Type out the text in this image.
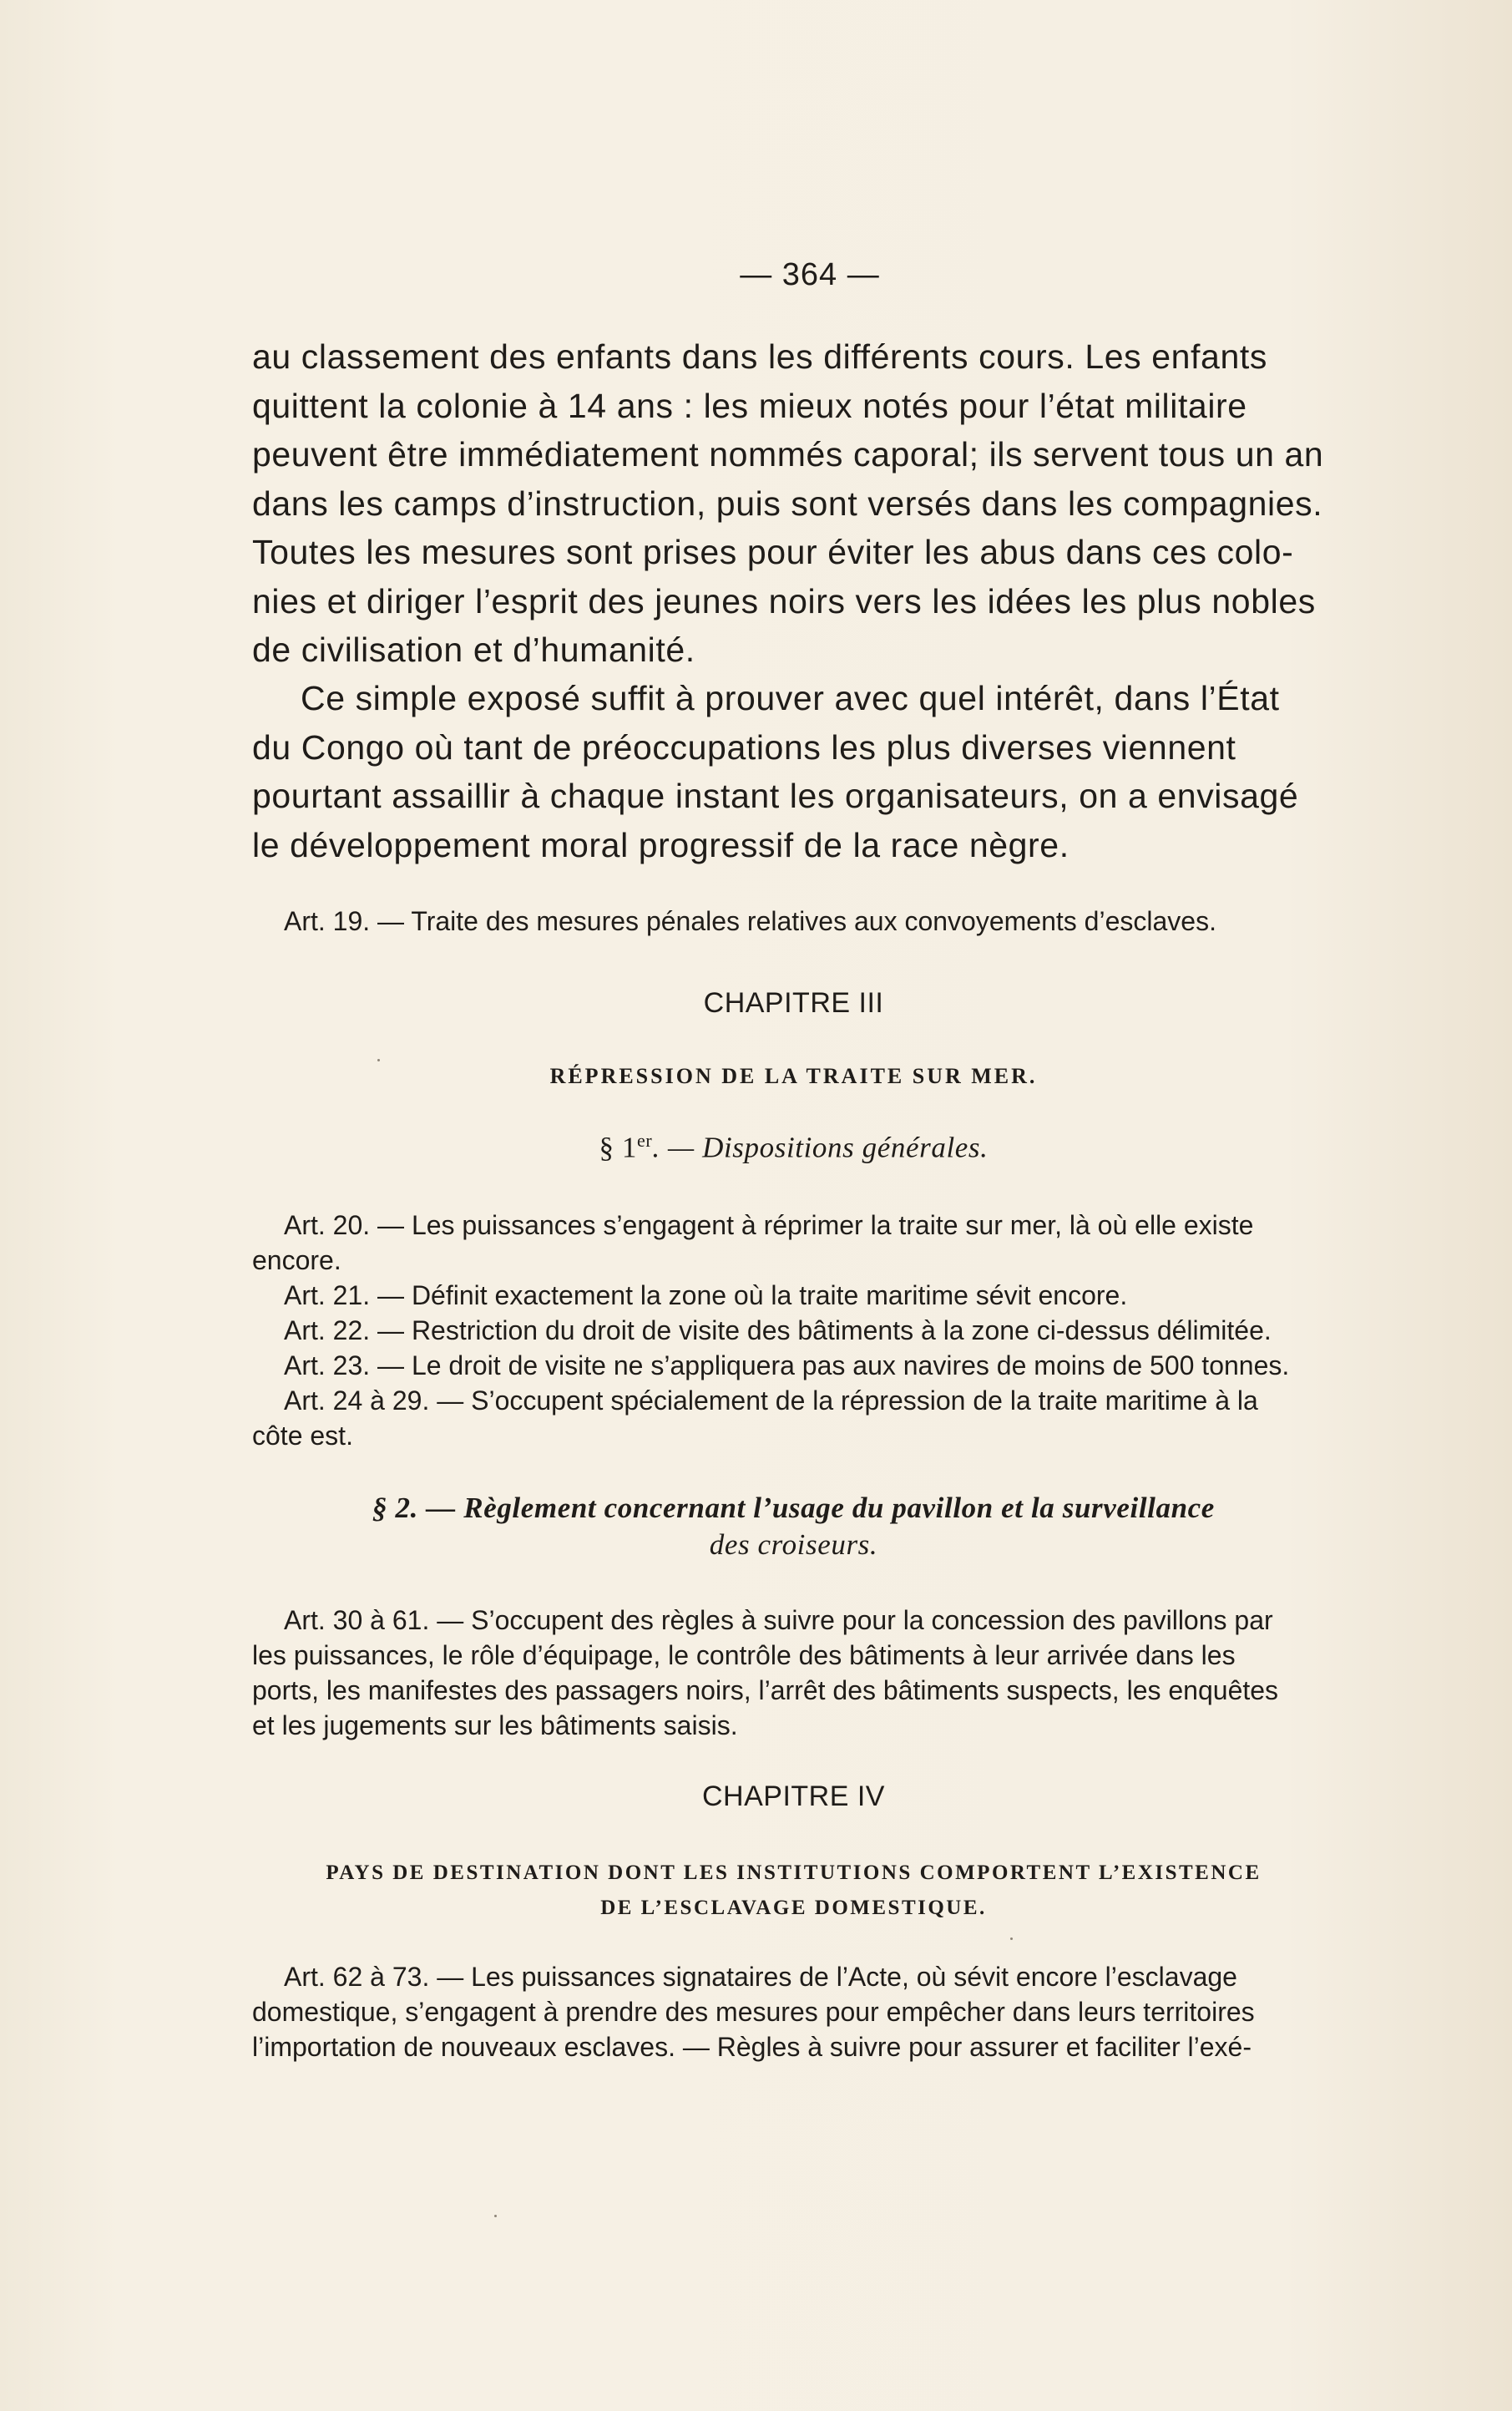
— 364 —
au classement des enfants dans les différents cours. Les enfants
quittent la colonie à 14 ans : les mieux notés pour l’état militaire
peuvent être immédiatement nommés caporal; ils servent tous un an
dans les camps d’instruction, puis sont versés dans les compagnies.
Toutes les mesures sont prises pour éviter les abus dans ces colo-
nies et diriger l’esprit des jeunes noirs vers les idées les plus nobles
de civilisation et d’humanité.
Ce simple exposé suffit à prouver avec quel intérêt, dans l’État
du Congo où tant de préoccupations les plus diverses viennent
pourtant assaillir à chaque instant les organisateurs, on a envisagé
le développement moral progressif de la race nègre.
Art. 19. — Traite des mesures pénales relatives aux convoyements d’esclaves.
CHAPITRE III
RÉPRESSION DE LA TRAITE SUR MER.
§ 1er. — Dispositions générales.
Art. 20. — Les puissances s’engagent à réprimer la traite sur mer, là où elle existe
encore.
Art. 21. — Définit exactement la zone où la traite maritime sévit encore.
Art. 22. — Restriction du droit de visite des bâtiments à la zone ci-dessus délimitée.
Art. 23. — Le droit de visite ne s’appliquera pas aux navires de moins de 500 tonnes.
Art. 24 à 29. — S’occupent spécialement de la répression de la traite maritime à la
côte est.
§ 2. — Règlement concernant l’usage du pavillon et la surveillance
des croiseurs.
Art. 30 à 61. — S’occupent des règles à suivre pour la concession des pavillons par
les puissances, le rôle d’équipage, le contrôle des bâtiments à leur arrivée dans les
ports, les manifestes des passagers noirs, l’arrêt des bâtiments suspects, les enquêtes
et les jugements sur les bâtiments saisis.
CHAPITRE IV
PAYS DE DESTINATION DONT LES INSTITUTIONS COMPORTENT L’EXISTENCE
DE L’ESCLAVAGE DOMESTIQUE.
Art. 62 à 73. — Les puissances signataires de l’Acte, où sévit encore l’esclavage
domestique, s’engagent à prendre des mesures pour empêcher dans leurs territoires
l’importation de nouveaux esclaves. — Règles à suivre pour assurer et faciliter l’exé-
